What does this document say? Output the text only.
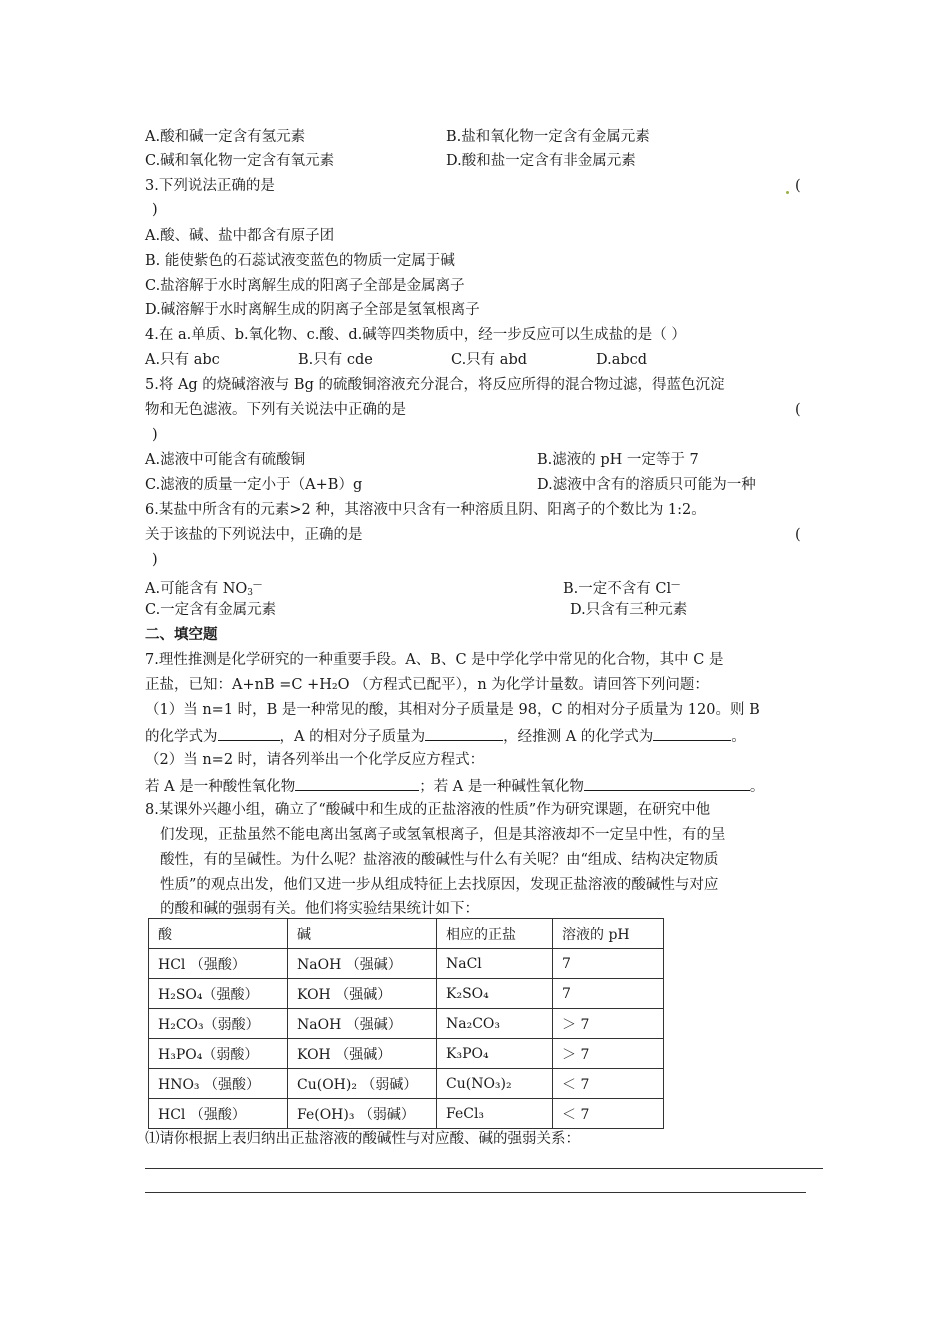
A.酸和碱一定含有氢元素	B.盐和氧化物一定含有金属元素
C.碱和氧化物一定含有氧元素	D.酸和盐一定含有非金属元素
3.下列说法正确的是	(
)
A.酸、碱、盐中都含有原子团
B. 能使紫色的石蕊试液变蓝色的物质一定属于碱
C.盐溶解于水时离解生成的阳离子全部是金属离子
D.碱溶解于水时离解生成的阴离子全部是氢氧根离子
4.在 a.单质、b.氧化物、c.酸、d.碱等四类物质中，经一步反应可以生成盐的是（ ）
A.只有 abc	B.只有 cde	C.只有 abd	D.abcd
5.将 Ag 的烧碱溶液与 Bg 的硫酸铜溶液充分混合，将反应所得的混合物过滤，得蓝色沉淀
物和无色滤液。下列有关说法中正确的是	(
)
A.滤液中可能含有硫酸铜	B.滤液的 pH 一定等于 7
C.滤液的质量一定小于（A+B）g	D.滤液中含有的溶质只可能为一种
6.某盐中所含有的元素>2 种，其溶液中只含有一种溶质且阴、阳离子的个数比为 1:2。
关于该盐的下列说法中，正确的是	(
)
A.可能含有 $NO_3^—$	B.一定不含有 Cl—
C.一定含有金属元素	D.只含有三种元素
二、填空题
7.理性推测是化学研究的一种重要手段。A、B、C 是中学化学中常见的化合物，其中 C 是
正盐，已知：A+nB =C +H₂O （方程式已配平），n 为化学计量数。请回答下列问题：
（1）当 n=1 时，B 是一种常见的酸，其相对分子质量是 98，C 的相对分子质量为 120。则 B
的化学式为	，A 的相对分子质量为	，经推测 A 的化学式为	。
（2）当 n=2 时，请各列举出一个化学反应方程式：
若 A 是一种酸性氧化物	；若 A 是一种碱性氧化物	。
8.某课外兴趣小组，确立了“酸碱中和生成的正盐溶液的性质”作为研究课题，在研究中他
们发现，正盐虽然不能电离出氢离子或氢氧根离子，但是其溶液却不一定呈中性，有的呈
酸性，有的呈碱性。为什么呢？盐溶液的酸碱性与什么有关呢？由“组成、结构决定物质
性质”的观点出发，他们又进一步从组成特征上去找原因，发现正盐溶液的酸碱性与对应
的酸和碱的强弱有关。他们将实验结果统计如下：
酸	碱	相应的正盐	溶液的 pH
HCl （强酸）	NaOH （强碱）	NaCl	7
H₂SO₄（强酸）	KOH （强碱）	K₂SO₄	7
H₂CO₃（弱酸）	NaOH （强碱）	Na₂CO₃	＞ 7
H₃PO₄（弱酸）	KOH （强碱）	K₃PO₄	＞ 7
HNO₃ （强酸）	Cu(OH)₂ （弱碱）	Cu(NO₃)₂	＜ 7
HCl （强酸）	Fe(OH)₃ （弱碱）	FeCl₃	＜ 7
⑴请你根据上表归纳出正盐溶液的酸碱性与对应酸、碱的强弱关系：
